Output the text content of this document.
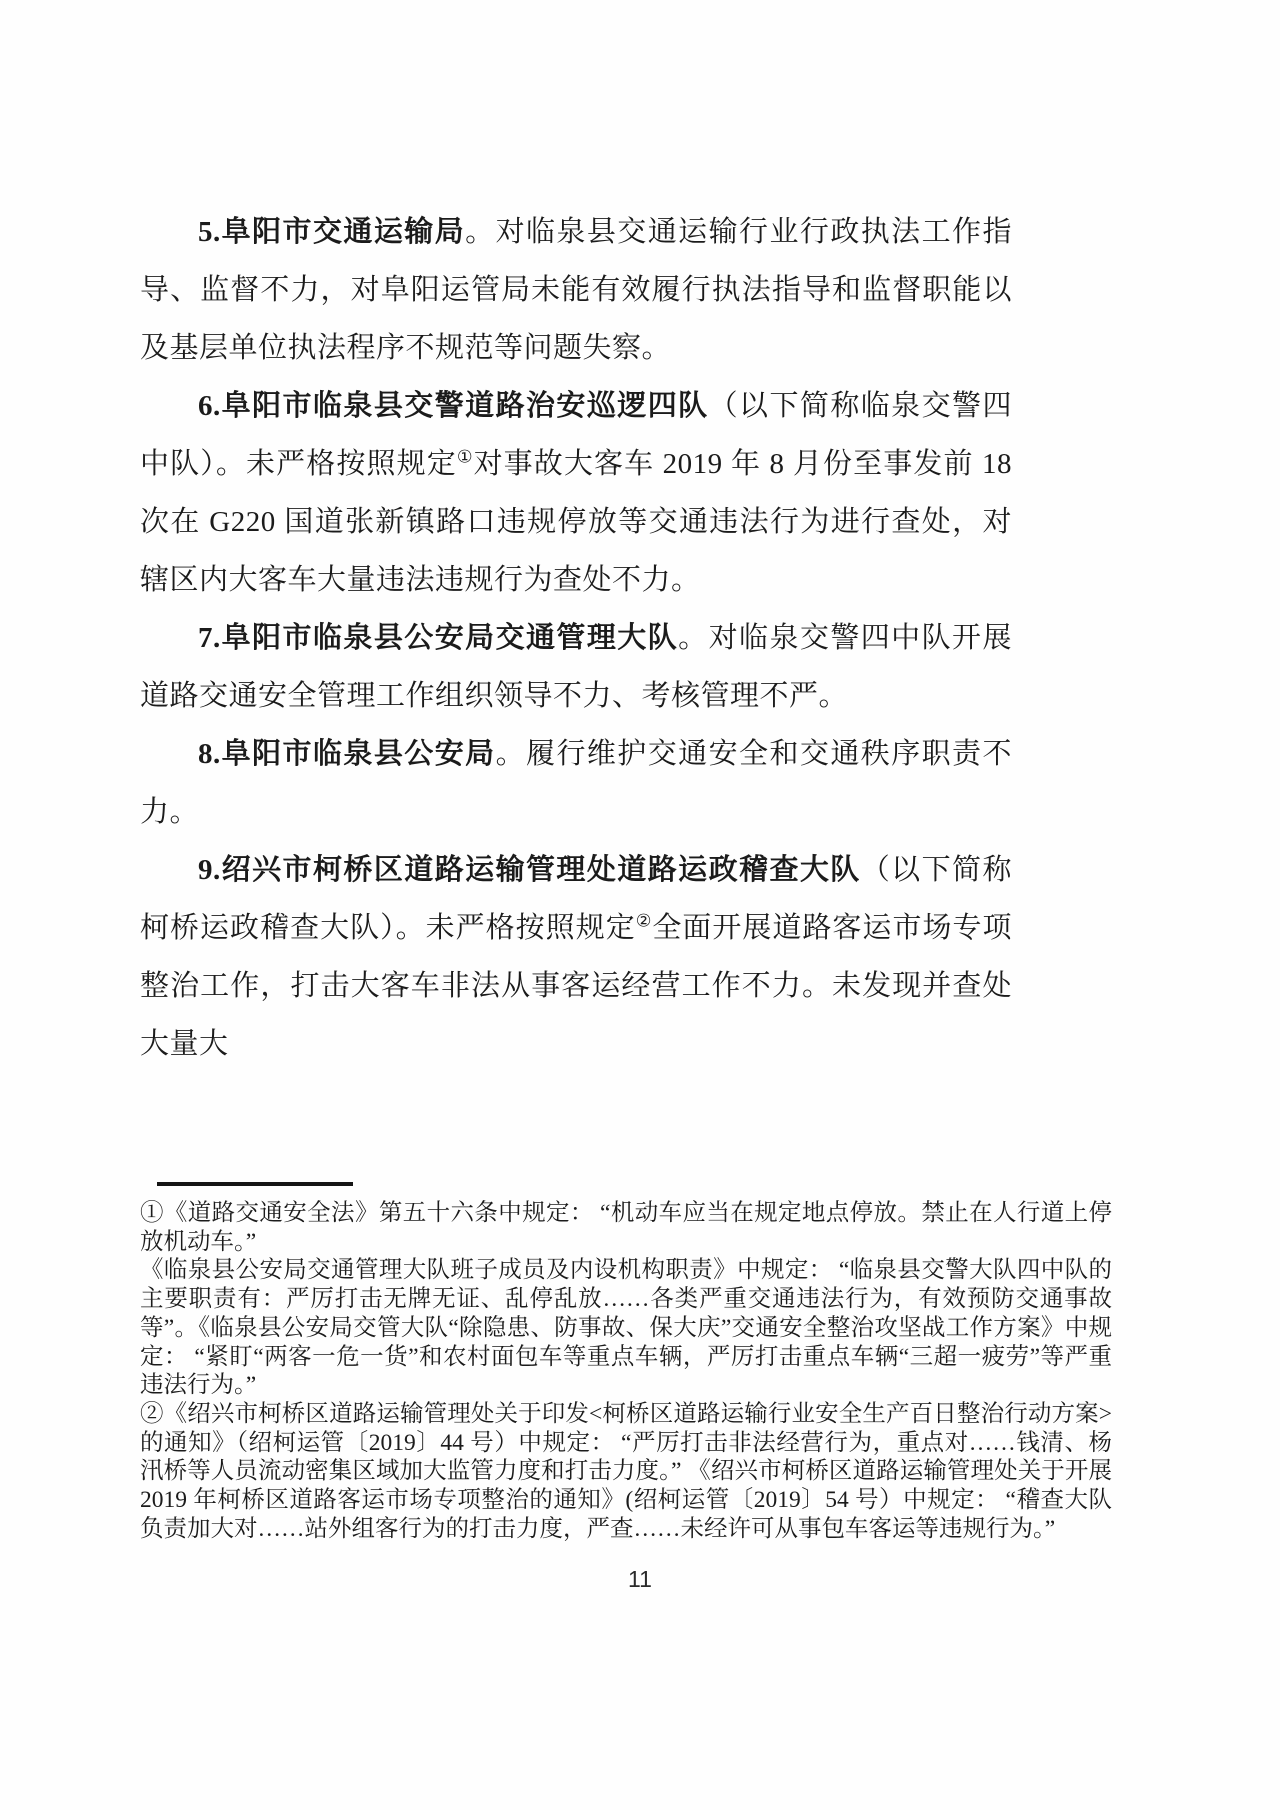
5.阜阳市交通运输局。对临泉县交通运输行业行政执法工作指导、监督不力，对阜阳运管局未能有效履行执法指导和监督职能以及基层单位执法程序不规范等问题失察。

6.阜阳市临泉县交警道路治安巡逻四队（以下简称临泉交警四中队）。未严格按照规定①对事故大客车 2019 年 8 月份至事发前 18 次在 G220 国道张新镇路口违规停放等交通违法行为进行查处，对辖区内大客车大量违法违规行为查处不力。

7.阜阳市临泉县公安局交通管理大队。对临泉交警四中队开展道路交通安全管理工作组织领导不力、考核管理不严。

8.阜阳市临泉县公安局。履行维护交通安全和交通秩序职责不力。

9.绍兴市柯桥区道路运输管理处道路运政稽查大队（以下简称柯桥运政稽查大队）。未严格按照规定②全面开展道路客运市场专项整治工作，打击大客车非法从事客运经营工作不力。未发现并查处大量大

①《道路交通安全法》第五十六条中规定： “机动车应当在规定地点停放。禁止在人行道上停放机动车。”

《临泉县公安局交通管理大队班子成员及内设机构职责》中规定： “临泉县交警大队四中队的主要职责有：严厉打击无牌无证、乱停乱放……各类严重交通违法行为，有效预防交通事故等”。《临泉县公安局交管大队“除隐患、防事故、保大庆”交通安全整治攻坚战工作方案》中规定： “紧盯“两客一危一货”和农村面包车等重点车辆，严厉打击重点车辆“三超一疲劳”等严重违法行为。”

②《绍兴市柯桥区道路运输管理处关于印发<柯桥区道路运输行业安全生产百日整治行动方案>的通知》（绍柯运管〔2019〕44 号）中规定： “严厉打击非法经营行为，重点对……钱清、杨汛桥等人员流动密集区域加大监管力度和打击力度。” 《绍兴市柯桥区道路运输管理处关于开展 2019 年柯桥区道路客运市场专项整治的通知》(绍柯运管〔2019〕54 号）中规定： “稽查大队负责加大对……站外组客行为的打击力度，严查……未经许可从事包车客运等违规行为。”

11
